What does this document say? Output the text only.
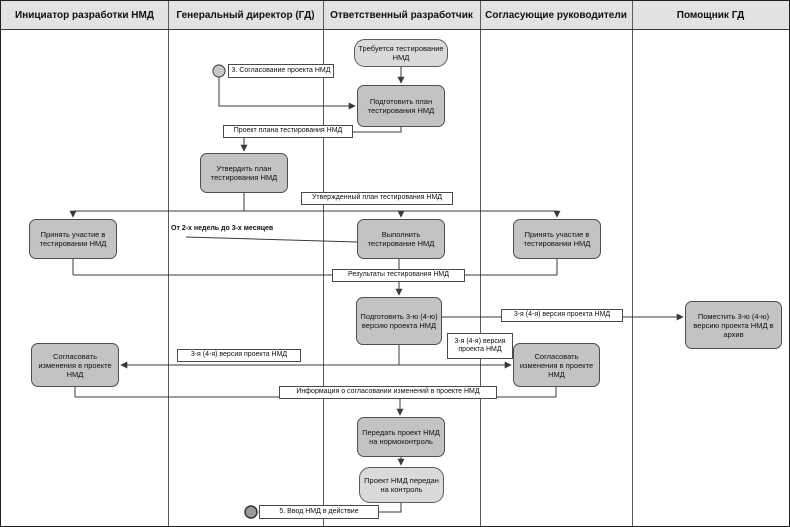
Инициатор разработки НМД	Генеральный директор (ГД)	Ответственный разработчик	Согласующие руководители	Помощник ГД
Требуется тестирование НМД
Подготовить план тестирования НМД
Утвердить план тестирования НМД
Принять участие в тестировании НМД
Выполнить тестирование НМД
Принять участие в тестировании НМД
Подготовить 3-ю (4-ю) версию проекта НМД
Поместить 3-ю (4-ю) версию проекта НМД в архив
Согласовать изменения в проекте НМД
Согласовать изменения в проекте НМД
Передать проект НМД на нормоконтроль
Проект НМД передан на контроль
3. Согласование проекта НМД
Проект плана тестирования НМД
Утвержденный план тестирования НМД
Результаты тестирования НМД
3-я (4-я) версия проекта НМД
3-я (4-я) версия проекта НМД
3-я (4-я) версия проекта НМД
Информация о согласовании изменений в проекте НМД
5. Ввод НМД в действие
От 2-х недель до 3-х месяцев
